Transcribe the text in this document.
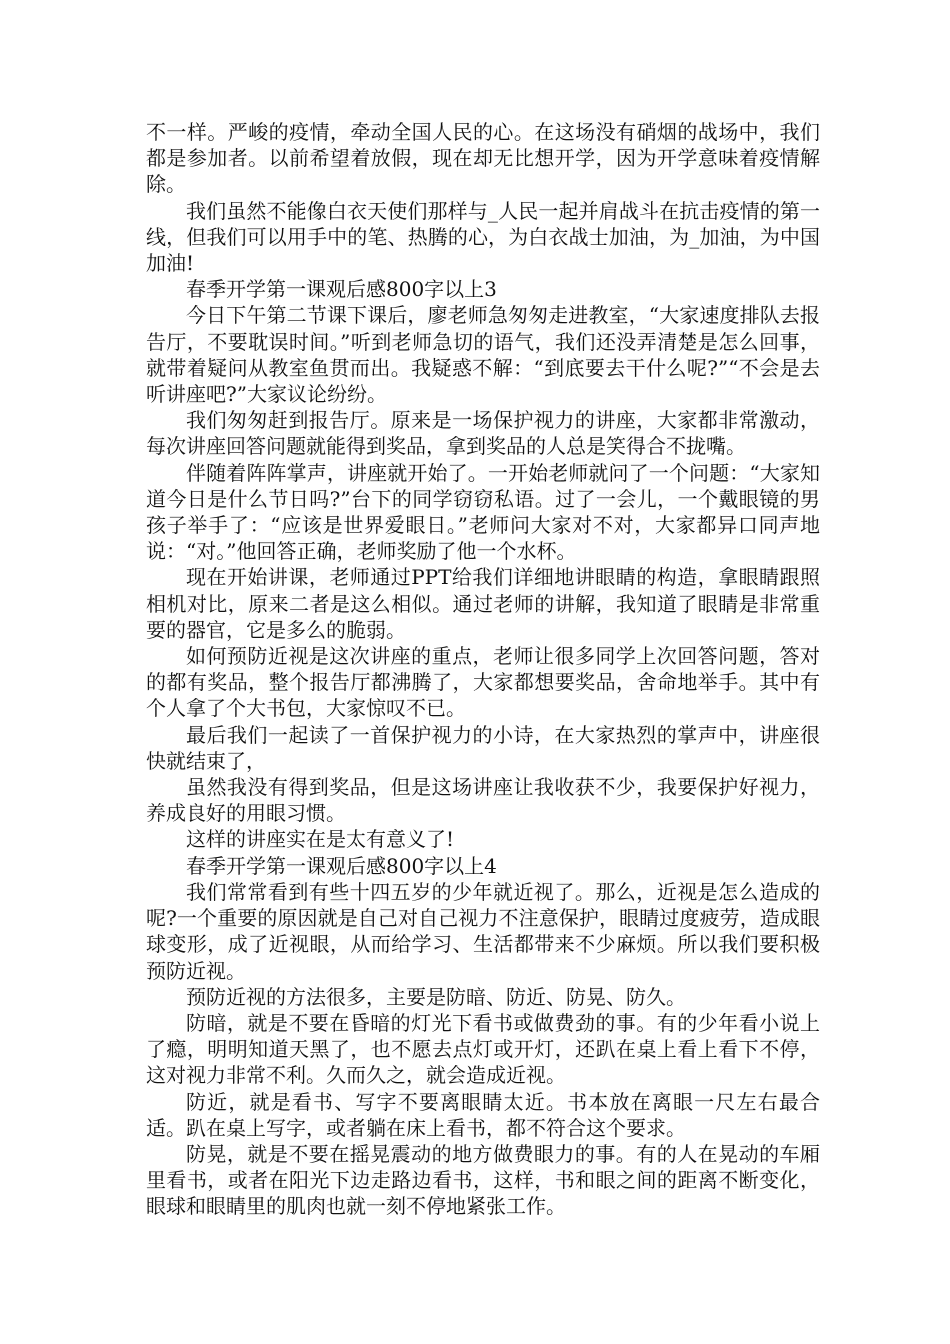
不一样。严峻的疫情，牵动全国人民的心。在这场没有硝烟的战场中，我们都是参加者。以前希望着放假，现在却无比想开学，因为开学意味着疫情解除。

我们虽然不能像白衣天使们那样与_人民一起并肩战斗在抗击疫情的第一线，但我们可以用手中的笔、热腾的心，为白衣战士加油，为_加油，为中国加油!

春季开学第一课观后感800字以上3

今日下午第二节课下课后，廖老师急匆匆走进教室，“大家速度排队去报告厅，不要耽误时间。”听到老师急切的语气，我们还没弄清楚是怎么回事，就带着疑问从教室鱼贯而出。我疑惑不解：“到底要去干什么呢?”“不会是去听讲座吧?”大家议论纷纷。

我们匆匆赶到报告厅。原来是一场保护视力的讲座，大家都非常激动，每次讲座回答问题就能得到奖品，拿到奖品的人总是笑得合不拢嘴。

伴随着阵阵掌声，讲座就开始了。一开始老师就问了一个问题：“大家知道今日是什么节日吗?”台下的同学窃窃私语。过了一会儿，一个戴眼镜的男孩子举手了：“应该是世界爱眼日。”老师问大家对不对，大家都异口同声地说：“对。”他回答正确，老师奖励了他一个水杯。

现在开始讲课，老师通过PPT给我们详细地讲眼睛的构造，拿眼睛跟照相机对比，原来二者是这么相似。通过老师的讲解，我知道了眼睛是非常重要的器官，它是多么的脆弱。

如何预防近视是这次讲座的重点，老师让很多同学上次回答问题，答对的都有奖品，整个报告厅都沸腾了，大家都想要奖品，舍命地举手。其中有个人拿了个大书包，大家惊叹不已。

最后我们一起读了一首保护视力的小诗，在大家热烈的掌声中，讲座很快就结束了，

虽然我没有得到奖品，但是这场讲座让我收获不少，我要保护好视力，养成良好的用眼习惯。

这样的讲座实在是太有意义了!

春季开学第一课观后感800字以上4

我们常常看到有些十四五岁的少年就近视了。那么，近视是怎么造成的呢?一个重要的原因就是自己对自己视力不注意保护，眼睛过度疲劳，造成眼球变形，成了近视眼，从而给学习、生活都带来不少麻烦。所以我们要积极预防近视。

预防近视的方法很多，主要是防暗、防近、防晃、防久。

防暗，就是不要在昏暗的灯光下看书或做费劲的事。有的少年看小说上了瘾，明明知道天黑了，也不愿去点灯或开灯，还趴在桌上看上看下不停，这对视力非常不利。久而久之，就会造成近视。

防近，就是看书、写字不要离眼睛太近。书本放在离眼一尺左右最合适。趴在桌上写字，或者躺在床上看书，都不符合这个要求。

防晃，就是不要在摇晃震动的地方做费眼力的事。有的人在晃动的车厢里看书，或者在阳光下边走路边看书，这样，书和眼之间的距离不断变化，眼球和眼睛里的肌肉也就一刻不停地紧张工作。
